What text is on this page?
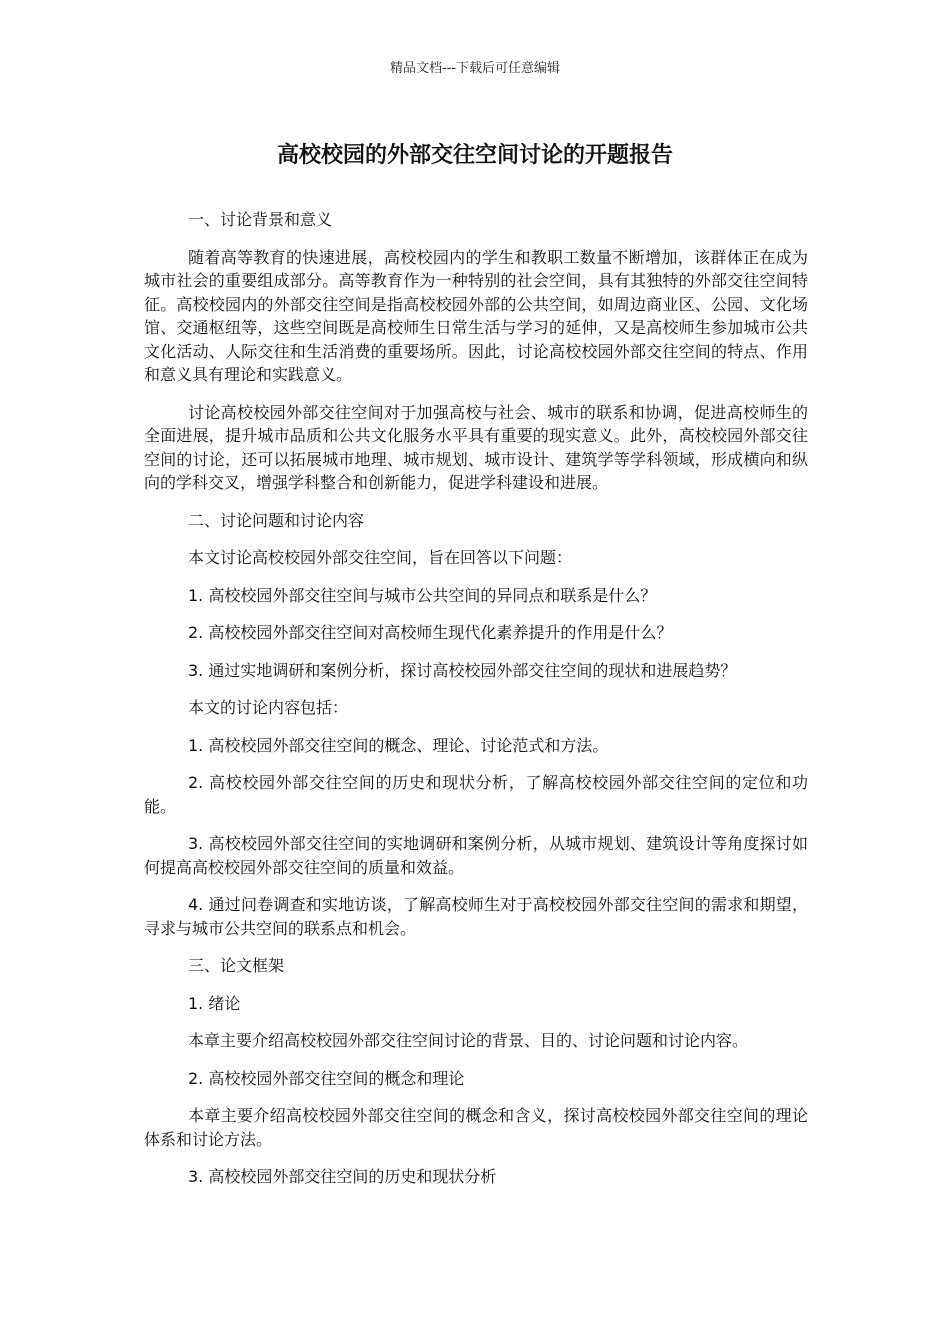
精品文档---下载后可任意编辑
高校校园的外部交往空间讨论的开题报告

一、讨论背景和意义

随着高等教育的快速进展，高校校园内的学生和教职工数量不断增加，该群体正在成为城市社会的重要组成部分。高等教育作为一种特别的社会空间，具有其独特的外部交往空间特征。高校校园内的外部交往空间是指高校校园外部的公共空间，如周边商业区、公园、文化场馆、交通枢纽等，这些空间既是高校师生日常生活与学习的延伸，又是高校师生参加城市公共文化活动、人际交往和生活消费的重要场所。因此，讨论高校校园外部交往空间的特点、作用和意义具有理论和实践意义。

讨论高校校园外部交往空间对于加强高校与社会、城市的联系和协调，促进高校师生的全面进展，提升城市品质和公共文化服务水平具有重要的现实意义。此外，高校校园外部交往空间的讨论，还可以拓展城市地理、城市规划、城市设计、建筑学等学科领域，形成横向和纵向的学科交叉，增强学科整合和创新能力，促进学科建设和进展。

二、讨论问题和讨论内容

本文讨论高校校园外部交往空间，旨在回答以下问题：

1. 高校校园外部交往空间与城市公共空间的异同点和联系是什么？

2. 高校校园外部交往空间对高校师生现代化素养提升的作用是什么？

3. 通过实地调研和案例分析，探讨高校校园外部交往空间的现状和进展趋势？

本文的讨论内容包括：

1. 高校校园外部交往空间的概念、理论、讨论范式和方法。

2. 高校校园外部交往空间的历史和现状分析，了解高校校园外部交往空间的定位和功能。

3. 高校校园外部交往空间的实地调研和案例分析，从城市规划、建筑设计等角度探讨如何提高高校校园外部交往空间的质量和效益。

4. 通过问卷调查和实地访谈，了解高校师生对于高校校园外部交往空间的需求和期望，寻求与城市公共空间的联系点和机会。

三、论文框架

1. 绪论

本章主要介绍高校校园外部交往空间讨论的背景、目的、讨论问题和讨论内容。

2. 高校校园外部交往空间的概念和理论

本章主要介绍高校校园外部交往空间的概念和含义，探讨高校校园外部交往空间的理论体系和讨论方法。

3. 高校校园外部交往空间的历史和现状分析
